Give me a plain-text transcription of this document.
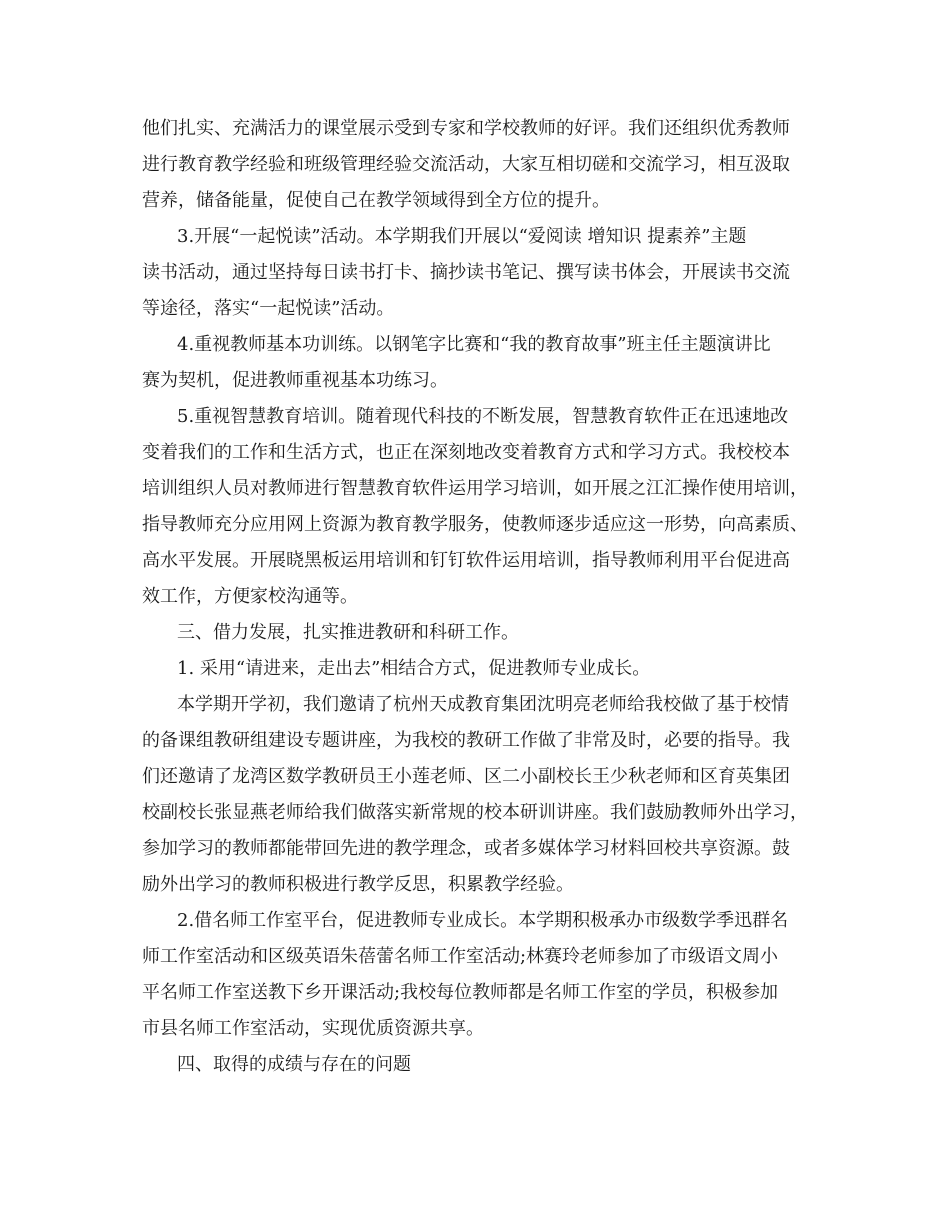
他们扎实、充满活力的课堂展示受到专家和学校教师的好评。我们还组织优秀教师
进行教育教学经验和班级管理经验交流活动，大家互相切磋和交流学习，相互汲取
营养，储备能量，促使自己在教学领域得到全方位的提升。
3.开展“一起悦读”活动。本学期我们开展以“爱阅读 增知识 提素养”主题
读书活动，通过坚持每日读书打卡、摘抄读书笔记、撰写读书体会，开展读书交流
等途径，落实“一起悦读”活动。
4.重视教师基本功训练。以钢笔字比赛和“我的教育故事”班主任主题演讲比
赛为契机，促进教师重视基本功练习。
5.重视智慧教育培训。随着现代科技的不断发展，智慧教育软件正在迅速地改
变着我们的工作和生活方式，也正在深刻地改变着教育方式和学习方式。我校校本
培训组织人员对教师进行智慧教育软件运用学习培训，如开展之江汇操作使用培训，
指导教师充分应用网上资源为教育教学服务，使教师逐步适应这一形势，向高素质、
高水平发展。开展晓黑板运用培训和钉钉软件运用培训，指导教师利用平台促进高
效工作，方便家校沟通等。
三、借力发展，扎实推进教研和科研工作。
1. 采用“请进来，走出去”相结合方式，促进教师专业成长。
本学期开学初，我们邀请了杭州天成教育集团沈明亮老师给我校做了基于校情
的备课组教研组建设专题讲座，为我校的教研工作做了非常及时，必要的指导。我
们还邀请了龙湾区数学教研员王小莲老师、区二小副校长王少秋老师和区育英集团
校副校长张显燕老师给我们做落实新常规的校本研训讲座。我们鼓励教师外出学习，
参加学习的教师都能带回先进的教学理念，或者多媒体学习材料回校共享资源。鼓
励外出学习的教师积极进行教学反思，积累教学经验。
2.借名师工作室平台，促进教师专业成长。本学期积极承办市级数学季迅群名
师工作室活动和区级英语朱蓓蕾名师工作室活动;林赛玲老师参加了市级语文周小
平名师工作室送教下乡开课活动;我校每位教师都是名师工作室的学员，积极参加
市县名师工作室活动，实现优质资源共享。
四、取得的成绩与存在的问题
